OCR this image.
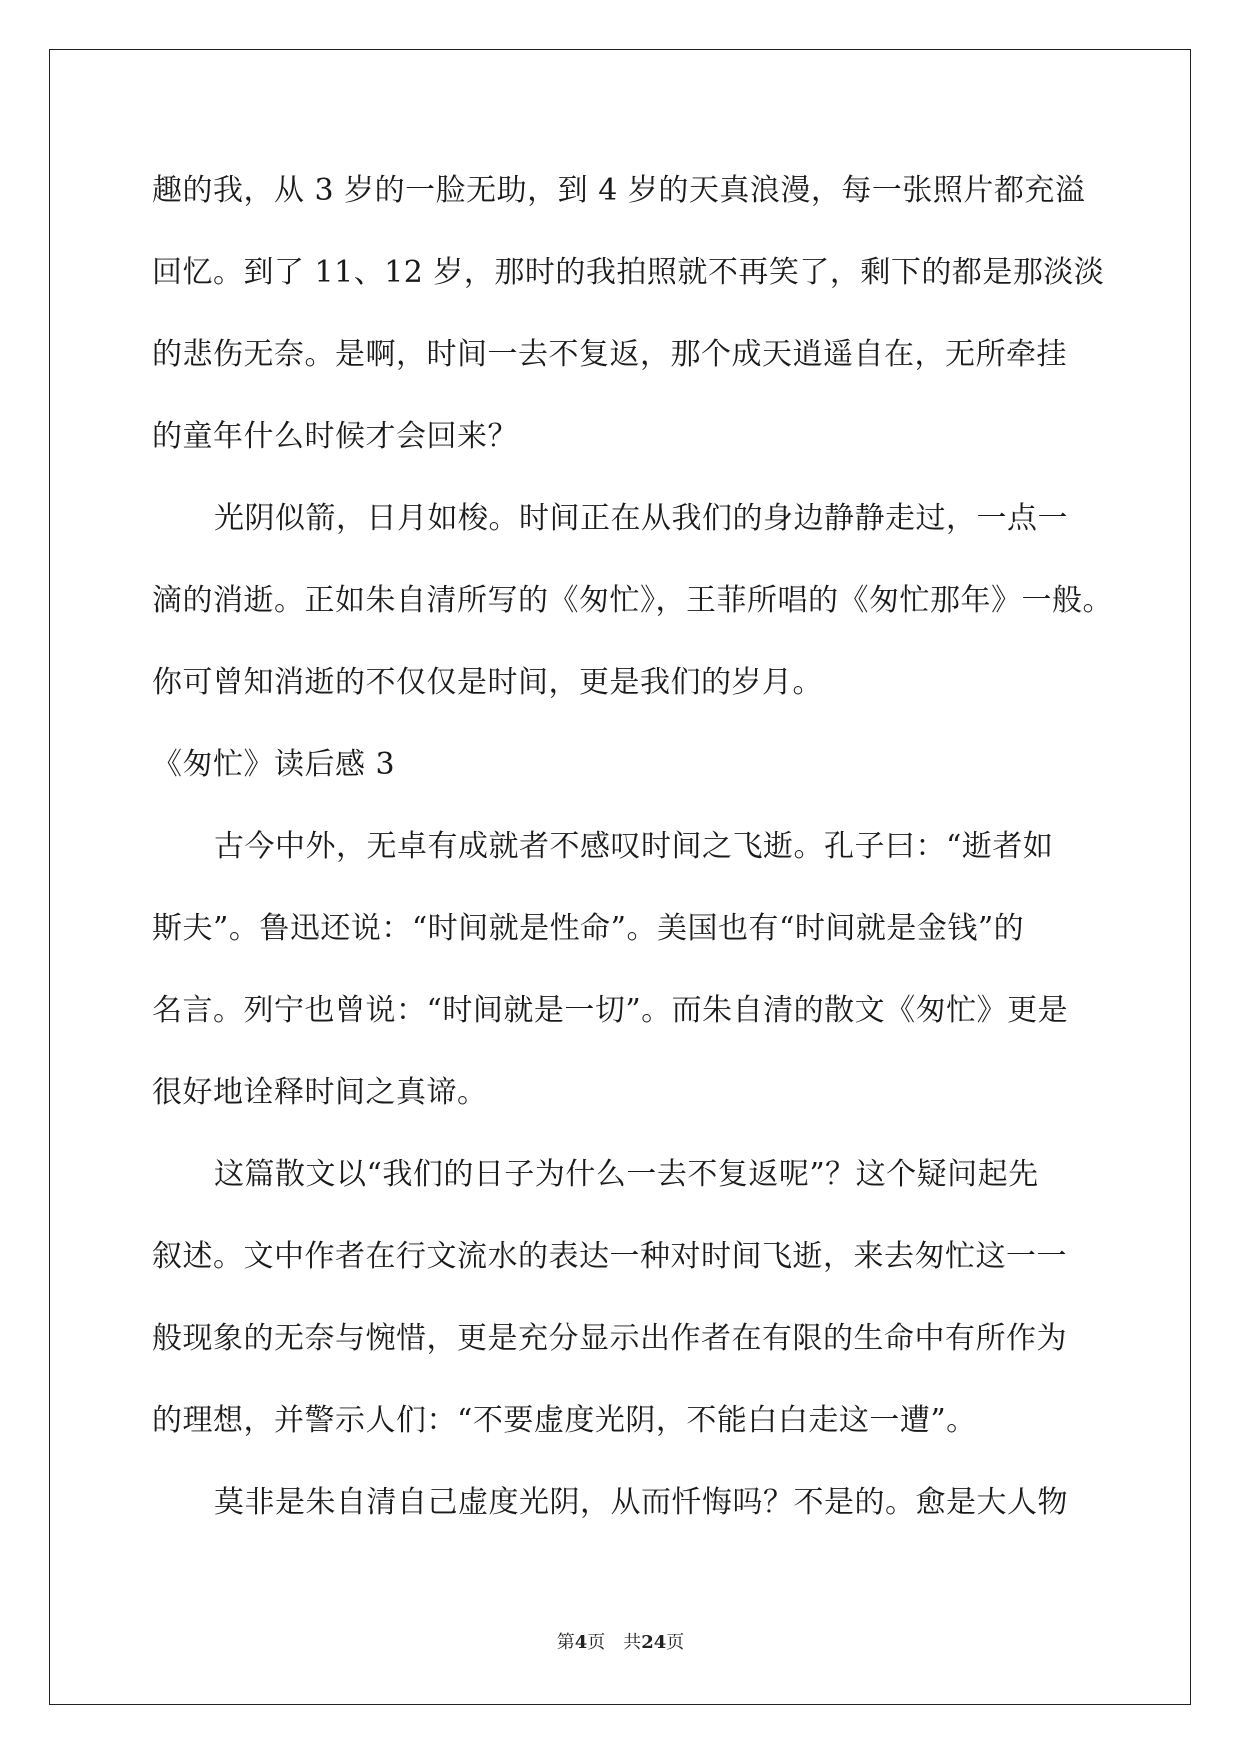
趣的我，从 3 岁的一脸无助，到 4 岁的天真浪漫，每一张照片都充溢
回忆。到了 11、12 岁，那时的我拍照就不再笑了，剩下的都是那淡淡
的悲伤无奈。是啊，时间一去不复返，那个成天逍遥自在，无所牵挂
的童年什么时候才会回来？

光阴似箭，日月如梭。时间正在从我们的身边静静走过，一点一
滴的消逝。正如朱自清所写的《匆忙》，王菲所唱的《匆忙那年》一般。
你可曾知消逝的不仅仅是时间，更是我们的岁月。

《匆忙》读后感 3

古今中外，无卓有成就者不感叹时间之飞逝。孔子曰：“逝者如
斯夫”。鲁迅还说：“时间就是性命”。美国也有“时间就是金钱”的
名言。列宁也曾说：“时间就是一切”。而朱自清的散文《匆忙》更是
很好地诠释时间之真谛。

这篇散文以“我们的日子为什么一去不复返呢”？这个疑问起先
叙述。文中作者在行文流水的表达一种对时间飞逝，来去匆忙这一一
般现象的无奈与惋惜，更是充分显示出作者在有限的生命中有所作为
的理想，并警示人们：“不要虚度光阴，不能白白走这一遭”。

莫非是朱自清自己虚度光阴，从而忏悔吗？不是的。愈是大人物

第4页 共24页
